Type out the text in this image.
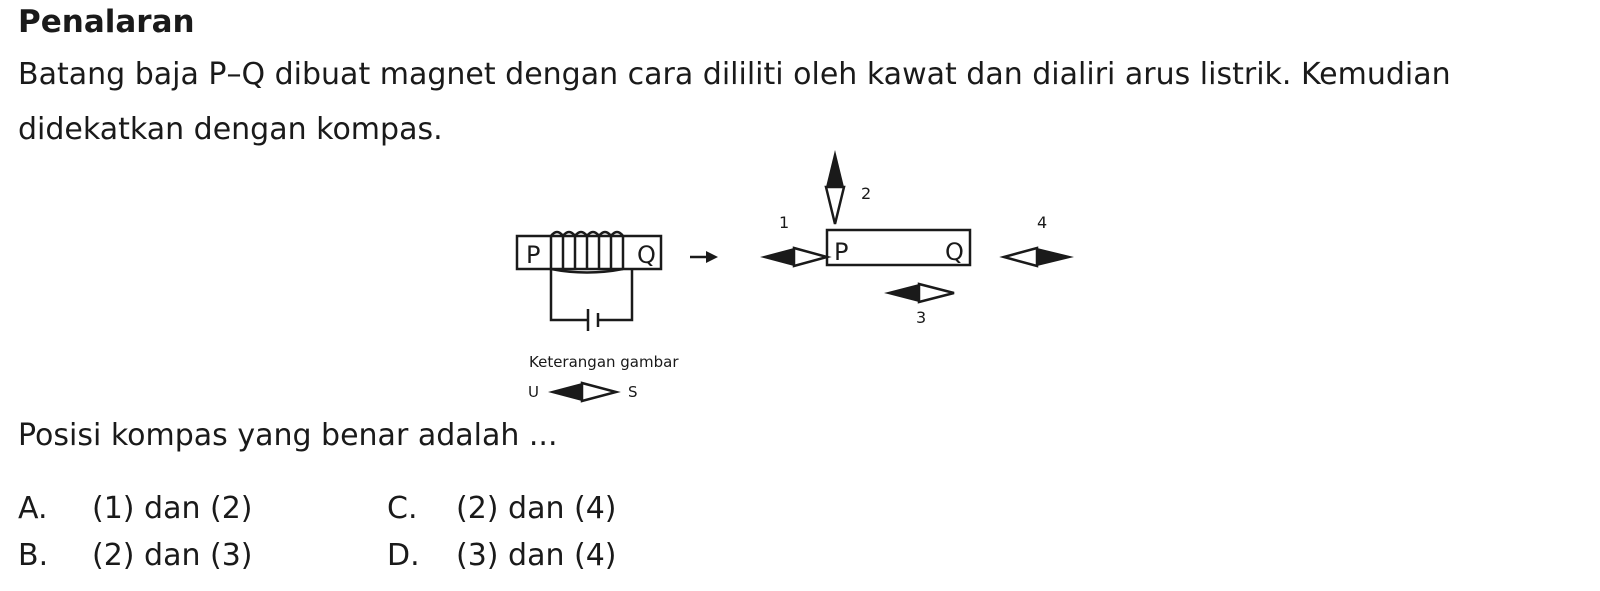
Penalaran
Batang baja P–Q dibuat magnet dengan cara dililiti oleh kawat dan dialiri arus listrik. Kemudian
didekatkan dengan kompas.
P	Q	P	Q
1
2
3
4
Keterangan gambar
U	S
Posisi kompas yang benar adalah ...
A. (1) dan (2)
B. (2) dan (3)
C. (2) dan (4)
D. (3) dan (4)
